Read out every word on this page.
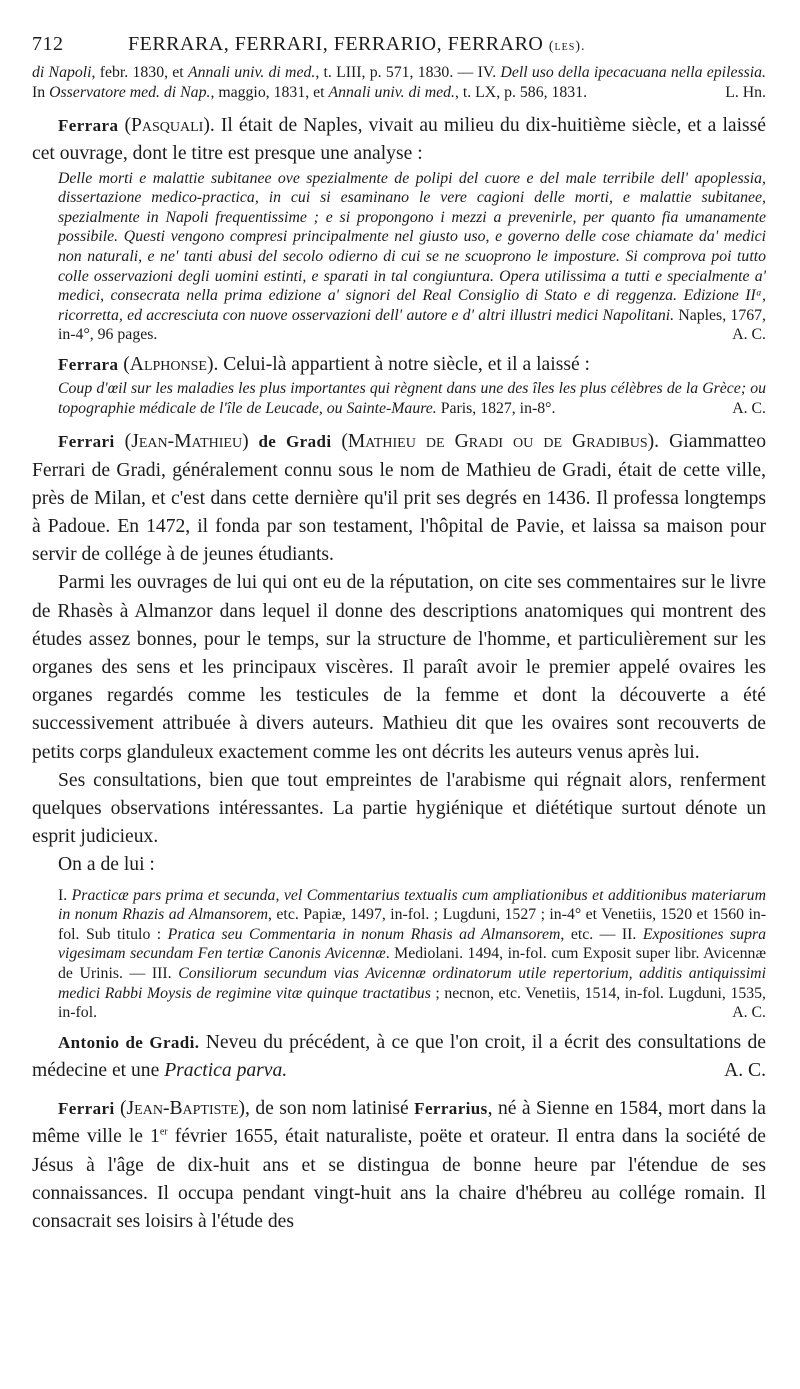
712	FERRARA, FERRARI, FERRARIO, FERRARO (les).

di Napoli, febr. 1830, et Annali univ. di med., t. LIII, p. 571, 1830. — IV. Dell uso della ipecacuana nella epilessia. In Osservatore med. di Nap., maggio, 1831, et Annali univ. di med., t. LX, p. 586, 1831.	L. Hn.

Ferrara (Pasquali). Il était de Naples, vivait au milieu du dix-huitième siècle, et a laissé cet ouvrage, dont le titre est presque une analyse :

Delle morti e malattie subitanee ove spezialmente de polipi del cuore e del male terribile dell' apoplessia, dissertazione medico-practica, in cui si esaminano le vere cagioni delle morti, e malattie subitanee, spezialmente in Napoli frequentissime ; e si propongono i mezzi a prevenirle, per quanto fia umanamente possibile. Questi vengono compresi principalmente nel giusto uso, e governo delle cose chiamate da' medici non naturali, e ne' tanti abusi del secolo odierno di cui se ne scuoprono le imposture. Si comprova poi tutto colle osservazioni degli uomini estinti, e sparati in tal congiuntura. Opera utilissima a tutti e specialmente a' medici, consecrata nella prima edizione a' signori del Real Consiglio di Stato e di reggenza. Edizione IIᵃ, ricorretta, ed accresciuta con nuove osservazioni dell' autore e d' altri illustri medici Napolitani. Naples, 1767, in-4°, 96 pages.	A. C.

Ferrara (Alphonse). Celui-là appartient à notre siècle, et il a laissé :

Coup d'œil sur les maladies les plus importantes qui règnent dans une des îles les plus célèbres de la Grèce; ou topographie médicale de l'île de Leucade, ou Sainte-Maure. Paris, 1827, in-8°.	A. C.

Ferrari (Jean-Mathieu) de Gradi (Mathieu de Gradi ou de Gradibus). Giammatteo Ferrari de Gradi, généralement connu sous le nom de Mathieu de Gradi, était de cette ville, près de Milan, et c'est dans cette dernière qu'il prit ses degrés en 1436. Il professa longtemps à Padoue. En 1472, il fonda par son testament, l'hôpital de Pavie, et laissa sa maison pour servir de collége à de jeunes étudiants.

Parmi les ouvrages de lui qui ont eu de la réputation, on cite ses commentaires sur le livre de Rhasès à Almanzor dans lequel il donne des descriptions anatomiques qui montrent des études assez bonnes, pour le temps, sur la structure de l'homme, et particulièrement sur les organes des sens et les principaux viscères. Il paraît avoir le premier appelé ovaires les organes regardés comme les testicules de la femme et dont la découverte a été successivement attribuée à divers auteurs. Mathieu dit que les ovaires sont recouverts de petits corps glanduleux exactement comme les ont décrits les auteurs venus après lui.

Ses consultations, bien que tout empreintes de l'arabisme qui régnait alors, renferment quelques observations intéressantes. La partie hygiénique et diététique surtout dénote un esprit judicieux.

On a de lui :

I. Practicæ pars prima et secunda, vel Commentarius textualis cum ampliationibus et additionibus materiarum in nonum Rhazis ad Almansorem, etc. Papiæ, 1497, in-fol. ; Lugduni, 1527 ; in-4° et Venetiis, 1520 et 1560 in-fol. Sub titulo : Pratica seu Commentaria in nonum Rhasis ad Almansorem, etc. — II. Expositiones supra vigesimam secundam Fen tertiæ Canonis Avicennæ. Mediolani. 1494, in-fol. cum Exposit super libr. Avicennæ de Urinis. — III. Consiliorum secundum vias Avicennæ ordinatorum utile repertorium, additis antiquissimi medici Rabbi Moysis de regimine vitæ quinque tractatibus ; necnon, etc. Venetiis, 1514, in-fol. Lugduni, 1535, in-fol.	A. C.

Antonio de Gradi. Neveu du précédent, à ce que l'on croit, il a écrit des consultations de médecine et une Practica parva.	A. C.

Ferrari (Jean-Baptiste), de son nom latinisé Ferrarius, né à Sienne en 1584, mort dans la même ville le 1er février 1655, était naturaliste, poëte et orateur. Il entra dans la société de Jésus à l'âge de dix-huit ans et se distingua de bonne heure par l'étendue de ses connaissances. Il occupa pendant vingt-huit ans la chaire d'hébreu au collége romain. Il consacrait ses loisirs à l'étude des
